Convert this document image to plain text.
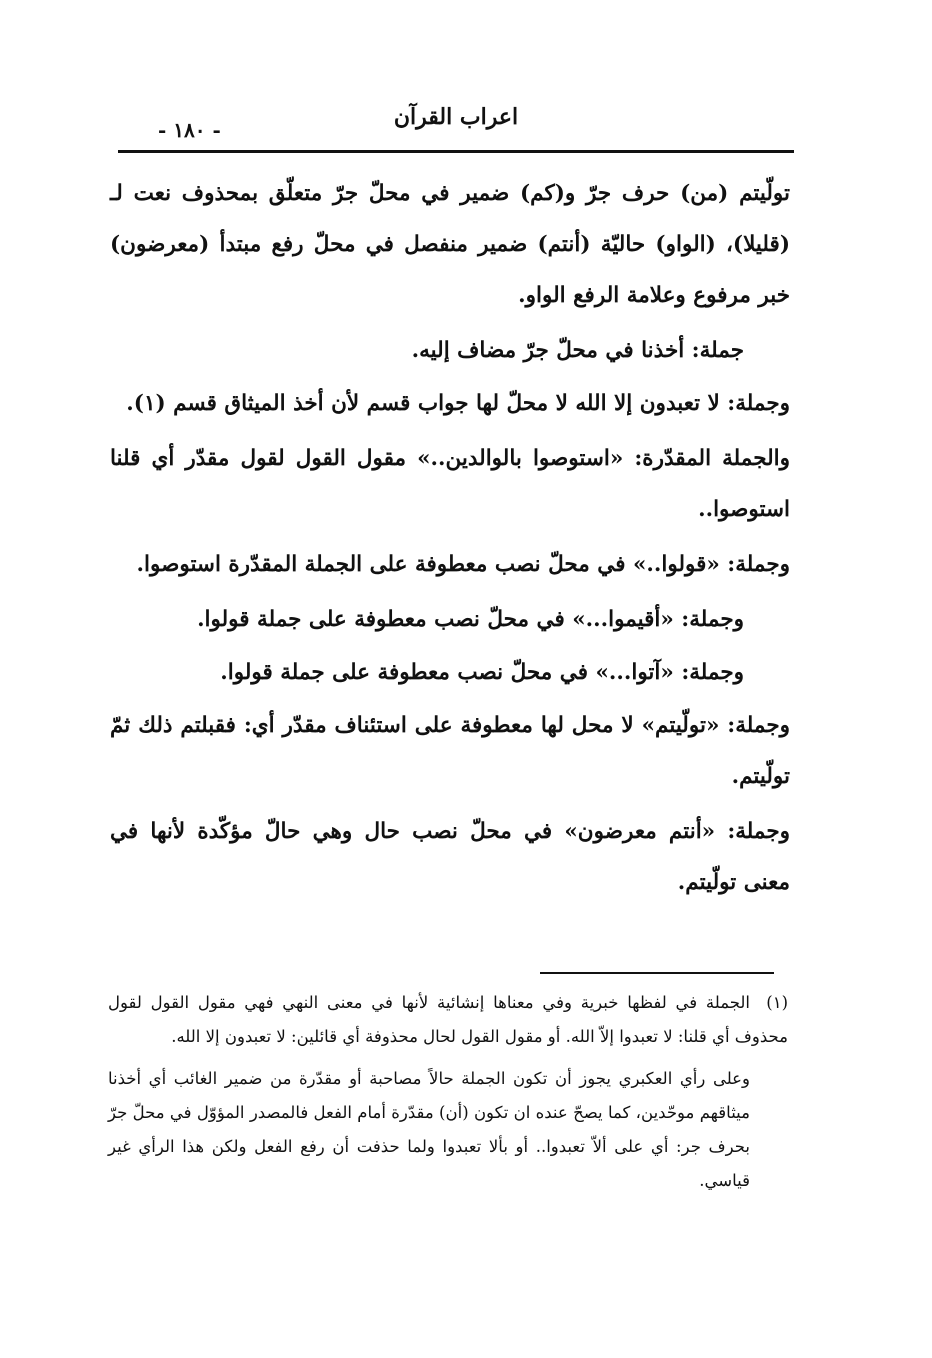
اعراب القرآن
- ١٨٠ -

تولّيتم (من) حرف جرّ و(كم) ضمير في محلّ جرّ متعلّق بمحذوف نعت لـ (قليلا)، (الواو) حاليّة (أنتم) ضمير منفصل في محلّ رفع مبتدأ (معرضون) خبر مرفوع وعلامة الرفع الواو.

جملة: أخذنا في محلّ جرّ مضاف إليه.

وجملة: لا تعبدون إلا الله لا محلّ لها جواب قسم لأن أخذ الميثاق قسم (١).

والجملة المقدّرة: «استوصوا بالوالدين..» مقول القول لقول مقدّر أي قلنا استوصوا..

وجملة: «قولوا..» في محلّ نصب معطوفة على الجملة المقدّرة استوصوا.

وجملة: «أقيموا...» في محلّ نصب معطوفة على جملة قولوا.

وجملة: «آتوا...» في محلّ نصب معطوفة على جملة قولوا.

وجملة: «تولّيتم» لا محل لها معطوفة على استئناف مقدّر أي: فقبلتم ذلك ثمّ تولّيتم.

وجملة: «أنتم معرضون» في محلّ نصب حال وهي حالّ مؤكّدة لأنها في معنى تولّيتم.

(١)الجملة في لفظها خبرية وفي معناها إنشائية لأنها في معنى النهي فهي مقول القول لقول محذوف أي قلنا: لا تعبدوا إلاّ الله. أو مقول القول لحال محذوفة أي قائلين: لا تعبدون إلا الله.

وعلى رأي العكبري يجوز أن تكون الجملة حالاً مصاحبة أو مقدّرة من ضمير الغائب أي أخذنا ميثاقهم موحّدين، كما يصحّ عنده ان تكون (أن) مقدّرة أمام الفعل فالمصدر المؤوّل في محلّ جرّ بحرف جر: أي على ألاّ تعبدوا.. أو بألا تعبدوا ولما حذفت أن رفع الفعل ولكن هذا الرأي غير قياسي.
